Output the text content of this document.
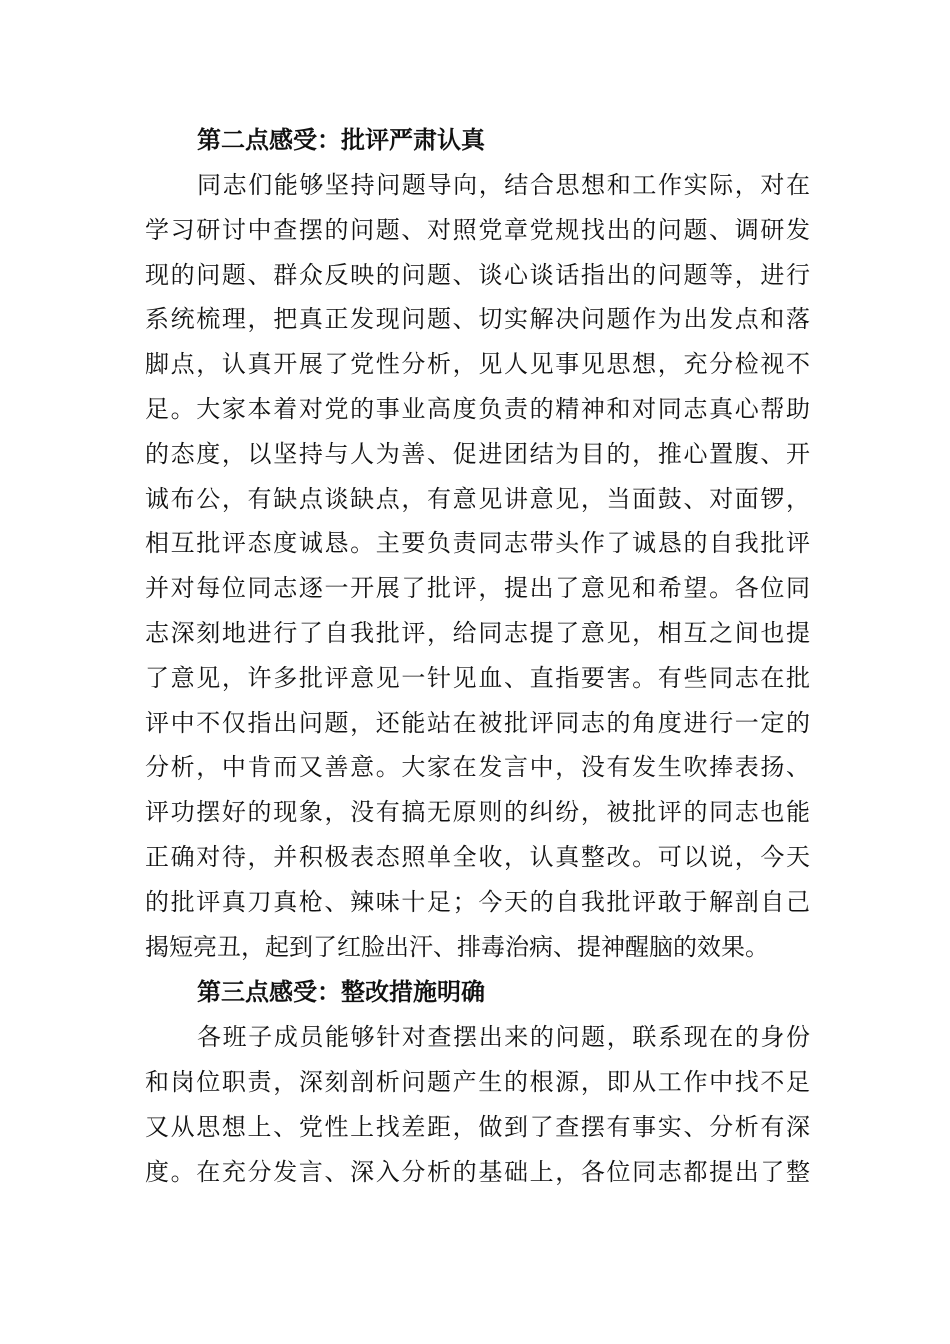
第二点感受：批评严肃认真
同志们能够坚持问题导向，结合思想和工作实际，对在
学习研讨中查摆的问题、对照党章党规找出的问题、调研发
现的问题、群众反映的问题、谈心谈话指出的问题等，进行
系统梳理，把真正发现问题、切实解决问题作为出发点和落
脚点，认真开展了党性分析，见人见事见思想，充分检视不
足。大家本着对党的事业高度负责的精神和对同志真心帮助
的态度，以坚持与人为善、促进团结为目的，推心置腹、开
诚布公，有缺点谈缺点，有意见讲意见，当面鼓、对面锣，
相互批评态度诚恳。主要负责同志带头作了诚恳的自我批评
并对每位同志逐一开展了批评，提出了意见和希望。各位同
志深刻地进行了自我批评，给同志提了意见，相互之间也提
了意见，许多批评意见一针见血、直指要害。有些同志在批
评中不仅指出问题，还能站在被批评同志的角度进行一定的
分析，中肯而又善意。大家在发言中，没有发生吹捧表扬、
评功摆好的现象，没有搞无原则的纠纷，被批评的同志也能
正确对待，并积极表态照单全收，认真整改。可以说，今天
的批评真刀真枪、辣味十足；今天的自我批评敢于解剖自己
揭短亮丑，起到了红脸出汗、排毒治病、提神醒脑的效果。
第三点感受：整改措施明确
各班子成员能够针对查摆出来的问题，联系现在的身份
和岗位职责，深刻剖析问题产生的根源，即从工作中找不足
又从思想上、党性上找差距，做到了查摆有事实、分析有深
度。在充分发言、深入分析的基础上，各位同志都提出了整
